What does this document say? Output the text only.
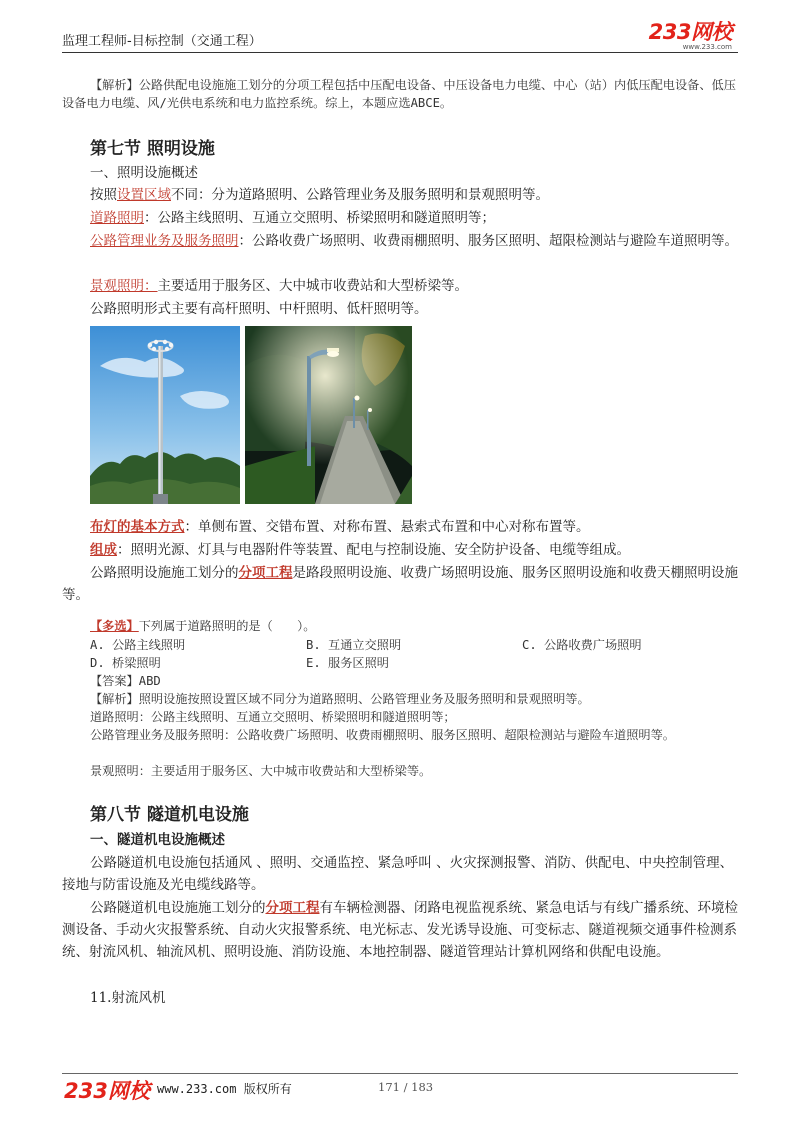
监理工程师-目标控制（交通工程）	233网校
www.233.com
【解析】公路供配电设施施工划分的分项工程包括中压配电设备、中压设备电力电缆、中心（站）内低压配电设备、低压设备电力电缆、风/光供电系统和电力监控系统。综上，本题应选ABCE。
第七节 照明设施
一、照明设施概述
按照设置区域不同：分为道路照明、公路管理业务及服务照明和景观照明等。
道路照明：公路主线照明、互通立交照明、桥梁照明和隧道照明等；
公路管理业务及服务照明：公路收费广场照明、收费雨棚照明、服务区照明、超限检测站与避险车道照明等。
景观照明：主要适用于服务区、大中城市收费站和大型桥梁等。
公路照明形式主要有高杆照明、中杆照明、低杆照明等。
布灯的基本方式：单侧布置、交错布置、对称布置、悬索式布置和中心对称布置等。
组成：照明光源、灯具与电器附件等装置、配电与控制设施、安全防护设备、电缆等组成。
公路照明设施施工划分的分项工程是路段照明设施、收费广场照明设施、服务区照明设施和收费天棚照明设施等。
【多选】下列属于道路照明的是（　　）。
A. 公路主线照明	B. 互通立交照明	C. 公路收费广场照明
D. 桥梁照明	E. 服务区照明
【答案】ABD
【解析】照明设施按照设置区域不同分为道路照明、公路管理业务及服务照明和景观照明等。
道路照明：公路主线照明、互通立交照明、桥梁照明和隧道照明等；
公路管理业务及服务照明：公路收费广场照明、收费雨棚照明、服务区照明、超限检测站与避险车道照明等。
景观照明：主要适用于服务区、大中城市收费站和大型桥梁等。
第八节 隧道机电设施
一、隧道机电设施概述
公路隧道机电设施包括通风 、照明、交通监控、紧急呼叫 、火灾探测报警、消防、供配电、中央控制管理、接地与防雷设施及光电缆线路等。
公路隧道机电设施施工划分的分项工程有车辆检测器、闭路电视监视系统、紧急电话与有线广播系统、环境检测设备、手动火灾报警系统、自动火灾报警系统、电光标志、发光诱导设施、可变标志、隧道视频交通事件检测系统、射流风机、轴流风机、照明设施、消防设施、本地控制器、隧道管理站计算机网络和供配电设施。
11.射流风机
233网校 www.233.com 版权所有	171 / 183
